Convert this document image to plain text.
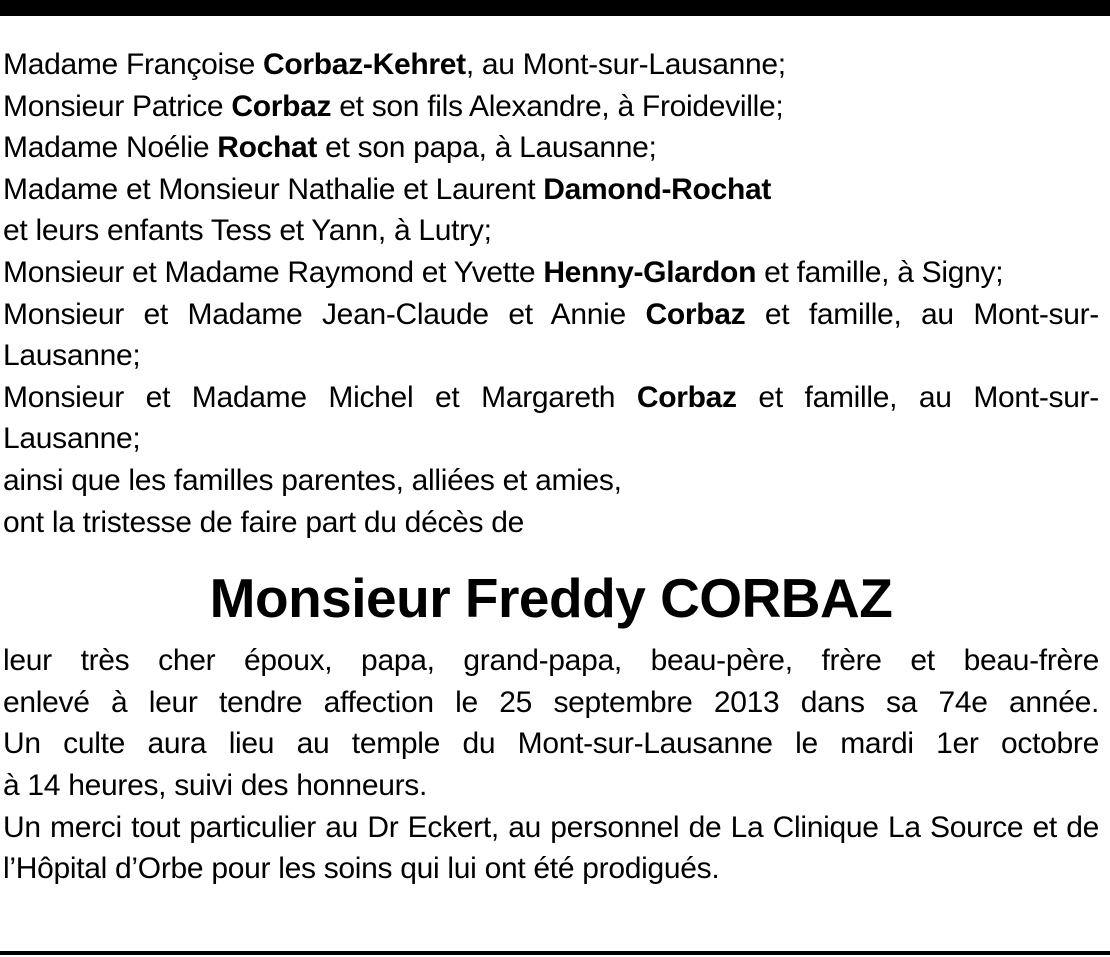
Madame Françoise Corbaz-Kehret, au Mont-sur-Lausanne;

Monsieur Patrice Corbaz et son fils Alexandre, à Froideville;

Madame Noélie Rochat et son papa, à Lausanne;

Madame et Monsieur Nathalie et Laurent Damond-Rochat

et leurs enfants Tess et Yann, à Lutry;

Monsieur et Madame Raymond et Yvette Henny-Glardon et famille, à Signy;

Monsieur et Madame Jean-Claude et Annie Corbaz et famille, au Mont-sur-Lausanne;

Monsieur et Madame Michel et Margareth Corbaz et famille, au Mont-sur-Lausanne;

ainsi que les familles parentes, alliées et amies,

ont la tristesse de faire part du décès de

Monsieur Freddy CORBAZ

leur très cher époux, papa, grand-papa, beau-père, frère et beau-frère

enlevé à leur tendre affection le 25 septembre 2013 dans sa 74e année.

Un culte aura lieu au temple du Mont-sur-Lausanne le mardi 1er octobre

à 14 heures, suivi des honneurs.

Un merci tout particulier au Dr Eckert, au personnel de La Clinique La Source et de l’Hôpital d’Orbe pour les soins qui lui ont été prodigués.
